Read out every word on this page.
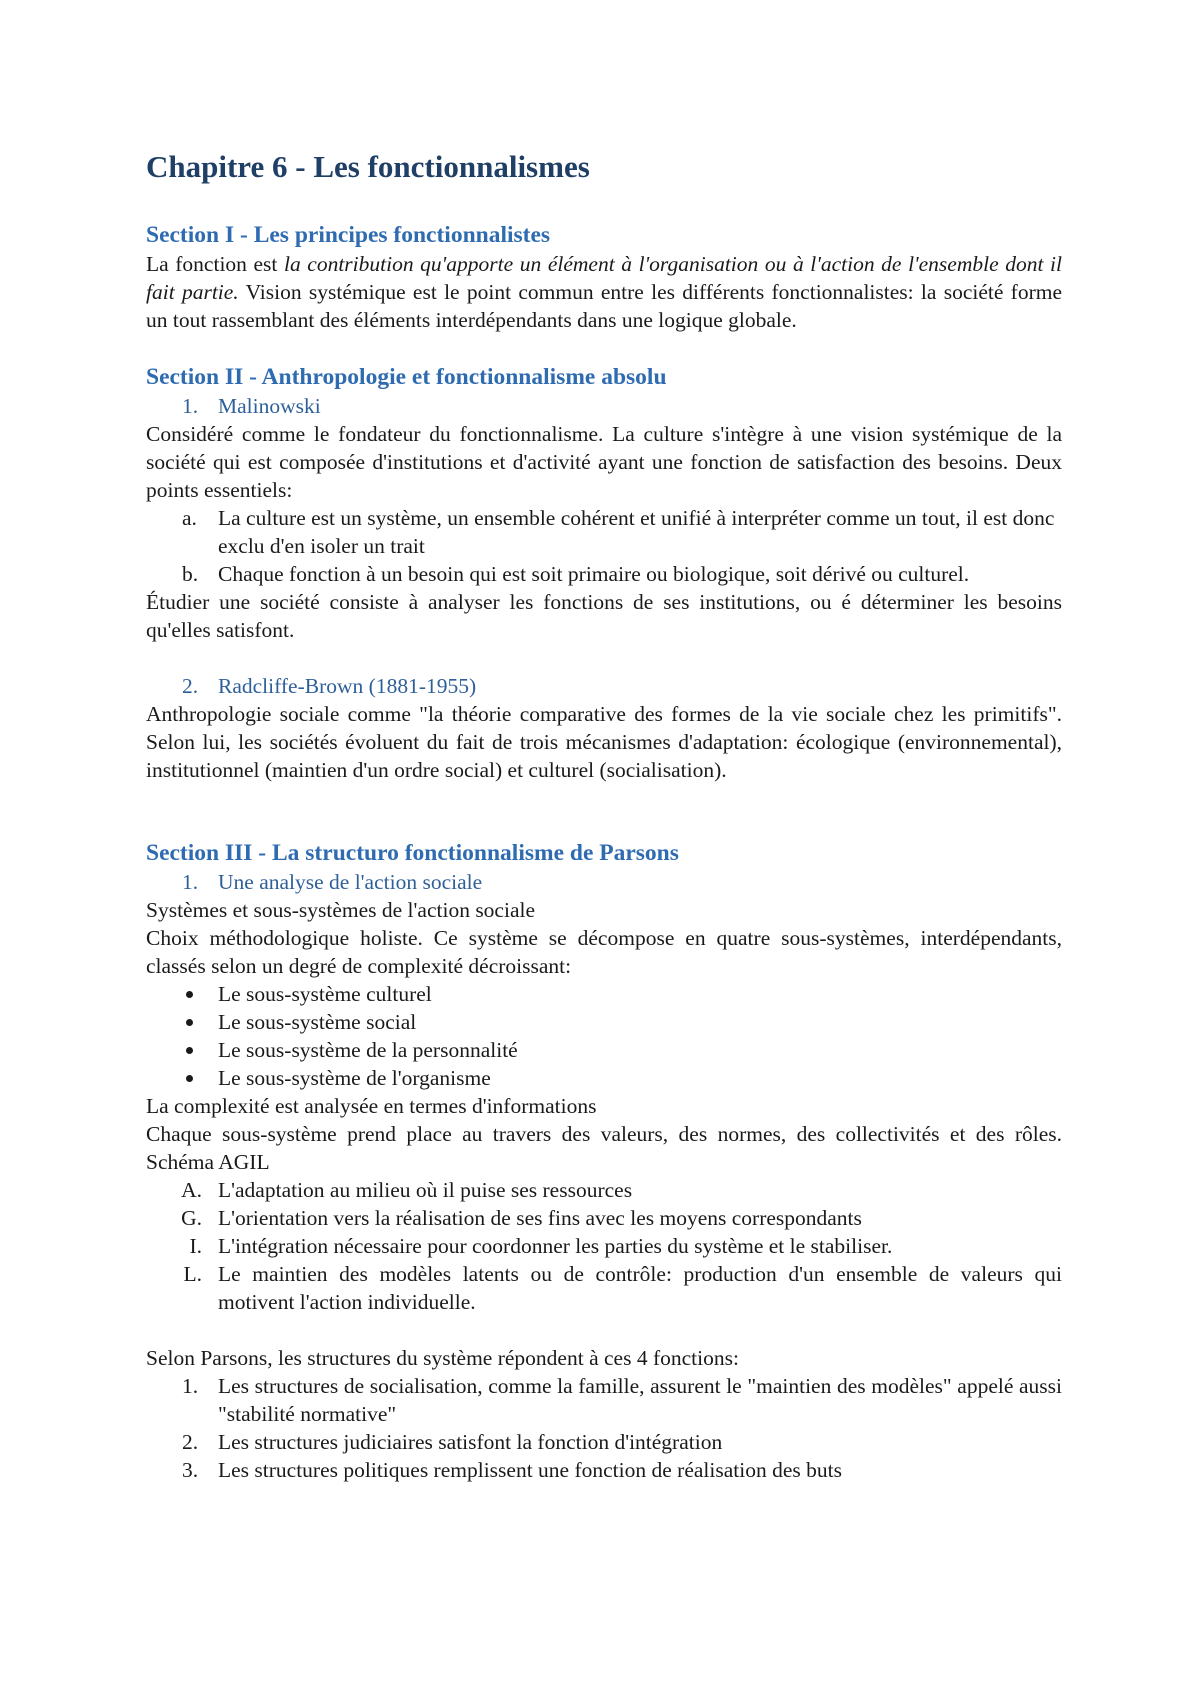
Chapitre 6 - Les fonctionnalismes
Section I - Les principes fonctionnalistes

La fonction est la contribution qu'apporte un élément à l'organisation ou à l'action de l'ensemble dont il fait partie. Vision systémique est le point commun entre les différents fonctionnalistes: la société forme un tout rassemblant des éléments interdépendants dans une logique globale.

Section II - Anthropologie et fonctionnalisme absolu
1. Malinowski

Considéré comme le fondateur du fonctionnalisme. La culture s'intègre à une vision systémique de la société qui est composée d'institutions et d'activité ayant une fonction de satisfaction des besoins. Deux points essentiels:

a. La culture est un système, un ensemble cohérent et unifié à interpréter comme un tout, il est donc exclu d'en isoler un trait
b. Chaque fonction à un besoin qui est soit primaire ou biologique, soit dérivé ou culturel.

Étudier une société consiste à analyser les fonctions de ses institutions, ou é déterminer les besoins qu'elles satisfont.

2. Radcliffe-Brown (1881-1955)

Anthropologie sociale comme "la théorie comparative des formes de la vie sociale chez les primitifs". Selon lui, les sociétés évoluent du fait de trois mécanismes d'adaptation: écologique (environnemental), institutionnel (maintien d'un ordre social) et culturel (socialisation).

Section III - La structuro fonctionnalisme de Parsons
1. Une analyse de l'action sociale

Systèmes et sous-systèmes de l'action sociale

Choix méthodologique holiste. Ce système se décompose en quatre sous-systèmes, interdépendants, classés selon un degré de complexité décroissant:

Le sous-système culturel
Le sous-système social
Le sous-système de la personnalité
Le sous-système de l'organisme

La complexité est analysée en termes d'informations

Chaque sous-système prend place au travers des valeurs, des normes, des collectivités et des rôles. Schéma AGIL

A. L'adaptation au milieu où il puise ses ressources
G. L'orientation vers la réalisation de ses fins avec les moyens correspondants
I. L'intégration nécessaire pour coordonner les parties du système et le stabiliser.
L. Le maintien des modèles latents ou de contrôle: production d'un ensemble de valeurs qui motivent l'action individuelle.

Selon Parsons, les structures du système répondent à ces 4 fonctions:

1. Les structures de socialisation, comme la famille, assurent le "maintien des modèles" appelé aussi "stabilité normative"
2. Les structures judiciaires satisfont la fonction d'intégration
3. Les structures politiques remplissent une fonction de réalisation des buts
